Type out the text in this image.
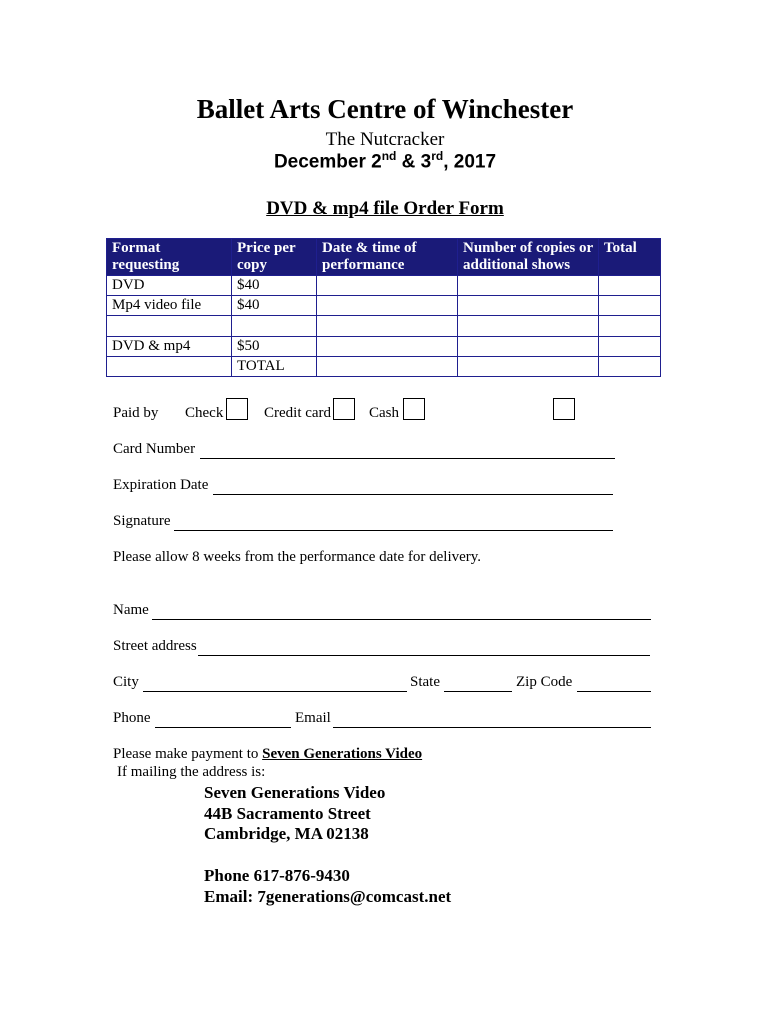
Ballet Arts Centre of Winchester
The Nutcracker
December 2nd & 3rd, 2017
DVD & mp4 file Order Form
Format requesting	Price per copy	Date & time of performance	Number of copies or additional shows	Total
DVD	$40			
Mp4 video file	$40			

DVD & mp4	$50			
	TOTAL			
Paid by Check	Credit card	Cash
Card Number
Expiration Date
Signature
Please allow 8 weeks from the performance date for delivery.
Name
Street address
City	State	Zip Code
Phone	Email
Please make payment to Seven Generations Video
If mailing the address is:
Seven Generations Video
44B Sacramento Street
Cambridge, MA 02138
Phone 617-876-9430
Email: 7generations@comcast.net
